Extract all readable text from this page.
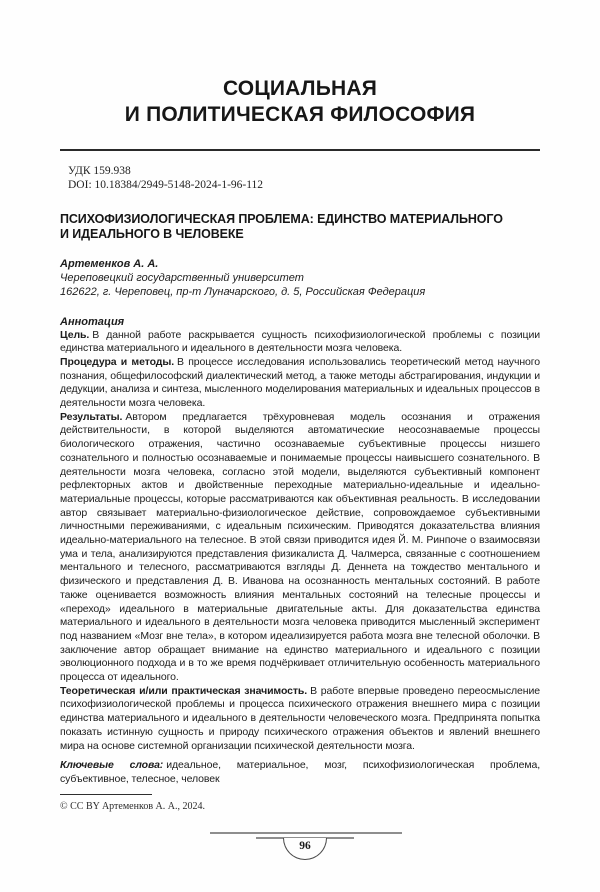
СОЦИАЛЬНАЯ
И ПОЛИТИЧЕСКАЯ ФИЛОСОФИЯ
УДК 159.938
DOI: 10.18384/2949-5148-2024-1-96-112
ПСИХОФИЗИОЛОГИЧЕСКАЯ ПРОБЛЕМА: ЕДИНСТВО МАТЕРИАЛЬНОГО
И ИДЕАЛЬНОГО В ЧЕЛОВЕКЕ
Артеменков А. А.
Череповецкий государственный университет
162622, г. Череповец, пр-т Луначарского, д. 5, Российская Федерация
Аннотация

Цель. В данной работе раскрывается сущность психофизиологической проблемы с позиции единства материального и идеального в деятельности мозга человека.

Процедура и методы. В процессе исследования использовались теоретический метод научного познания, общефилософский диалектический метод, а также методы абстрагирования, индукции и дедукции, анализа и синтеза, мысленного моделирования материальных и идеальных процессов в деятельности мозга человека.

Результаты. Автором предлагается трёхуровневая модель осознания и отражения действительности, в которой выделяются автоматические неосознаваемые процессы биологического отражения, частично осознаваемые субъективные процессы низшего сознательного и полностью осознаваемые и понимаемые процессы наивысшего сознательного. В деятельности мозга человека, согласно этой модели, выделяются субъективный компонент рефлекторных актов и двойственные переходные материально-идеальные и идеально-материальные процессы, которые рассматриваются как объективная реальность. В исследовании автор связывает материально-физиологическое действие, сопровождаемое субъективными личностными переживаниями, с идеальным психическим. Приводятся доказательства влияния идеально-материального на телесное. В этой связи приводится идея Й. М. Ринпоче о взаимосвязи ума и тела, анализируются представления физикалиста Д. Чалмерса, связанные с соотношением ментального и телесного, рассматриваются взгляды Д. Деннета на тождество ментального и физического и представления Д. В. Иванова на осознанность ментальных состояний. В работе также оценивается возможность влияния ментальных состояний на телесные процессы и «переход» идеального в материальные двигательные акты. Для доказательства единства материального и идеального в деятельности мозга человека приводится мысленный эксперимент под названием «Мозг вне тела», в котором идеализируется работа мозга вне телесной оболочки. В заключение автор обращает внимание на единство материального и идеального с позиции эволюционного подхода и в то же время подчёркивает отличительную особенность материального процесса от идеального.

Теоретическая и/или практическая значимость. В работе впервые проведено переосмысление психофизиологической проблемы и процесса психического отражения внешнего мира с позиции единства материального и идеального в деятельности человеческого мозга. Предпринята попытка показать истинную сущность и природу психического отражения объектов и явлений внешнего мира на основе системной организации психической деятельности мозга.

Ключевые слова: идеальное, материальное, мозг, психофизиологическая проблема, субъективное, телесное, человек

© CC BY Артеменков А. А., 2024.
96
